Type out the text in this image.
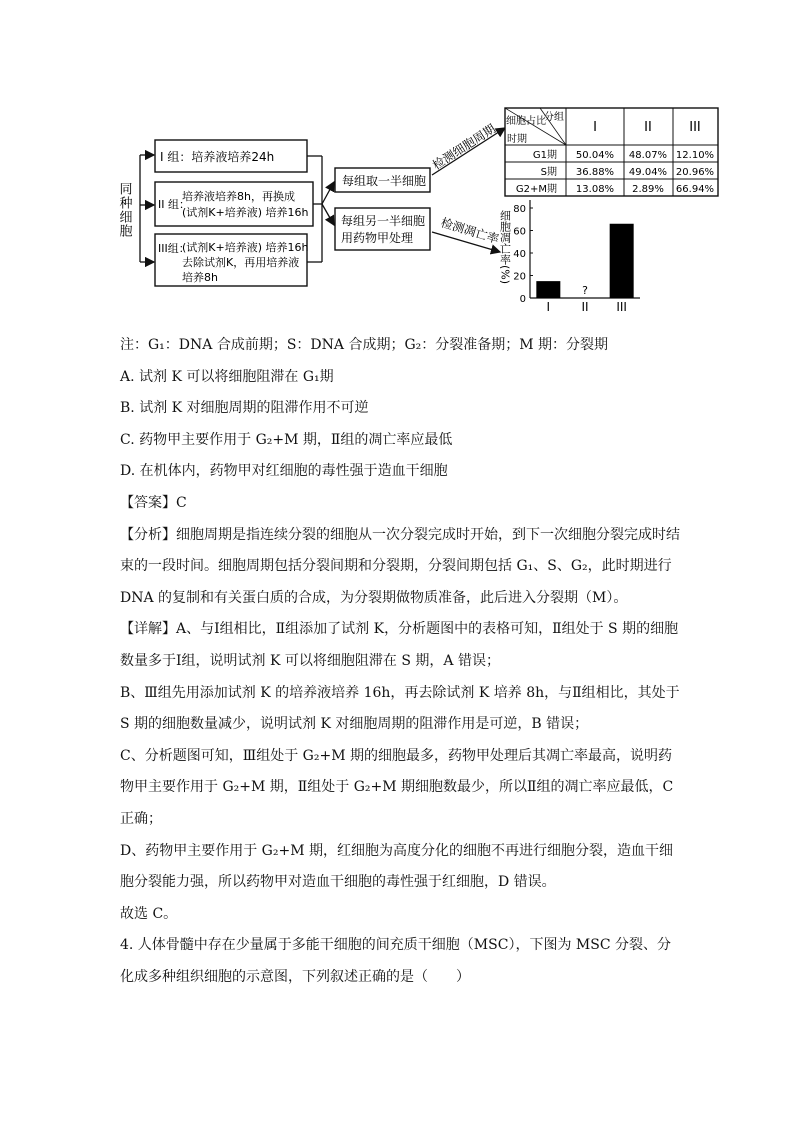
同种细胞
I 组：培养液培养24h
II 组：
培养液培养8h，再换成
(试剂K+培养液) 培养16h
III组：
(试剂K+培养液) 培养16h
去除试剂K，再用培养液
培养8h
每组取一半细胞
每组另一半细胞
用药物甲处理
检测细胞周期
检测凋亡率
分组
细胞占比
时期
I	II	III
G1期 50.04% 48.07% 12.10%
S期 36.88% 49.04% 20.96%
G2+M期 13.08% 2.89% 66.94%
0
20
40
60
80
细胞凋亡率(%)
I
?
II III

注：G₁：DNA 合成前期；S：DNA 合成期；G₂：分裂准备期；M 期：分裂期

A. 试剂 K 可以将细胞阻滞在 G₁期

B. 试剂 K 对细胞周期的阻滞作用不可逆

C. 药物甲主要作用于 G₂+M 期，Ⅱ组的凋亡率应最低

D. 在机体内，药物甲对红细胞的毒性强于造血干细胞

【答案】C

【分析】细胞周期是指连续分裂的细胞从一次分裂完成时开始，到下一次细胞分裂完成时结束的一段时间。细胞周期包括分裂间期和分裂期，分裂间期包括 G₁、S、G₂，此时期进行 DNA 的复制和有关蛋白质的合成，为分裂期做物质准备，此后进入分裂期（M）。

【详解】A、与Ⅰ组相比，Ⅱ组添加了试剂 K，分析题图中的表格可知，Ⅱ组处于 S 期的细胞数量多于Ⅰ组，说明试剂 K 可以将细胞阻滞在 S 期，A 错误；

B、Ⅲ组先用添加试剂 K 的培养液培养 16h，再去除试剂 K 培养 8h，与Ⅱ组相比，其处于 S 期的细胞数量减少，说明试剂 K 对细胞周期的阻滞作用是可逆，B 错误；

C、分析题图可知，Ⅲ组处于 G₂+M 期的细胞最多，药物甲处理后其凋亡率最高，说明药物甲主要作用于 G₂+M 期，Ⅱ组处于 G₂+M 期细胞数最少，所以Ⅱ组的凋亡率应最低，C 正确；

D、药物甲主要作用于 G₂+M 期，红细胞为高度分化的细胞不再进行细胞分裂，造血干细胞分裂能力强，所以药物甲对造血干细胞的毒性强于红细胞，D 错误。

故选 C。

4. 人体骨髓中存在少量属于多能干细胞的间充质干细胞（MSC），下图为 MSC 分裂、分化成多种组织细胞的示意图，下列叙述正确的是（　　）
